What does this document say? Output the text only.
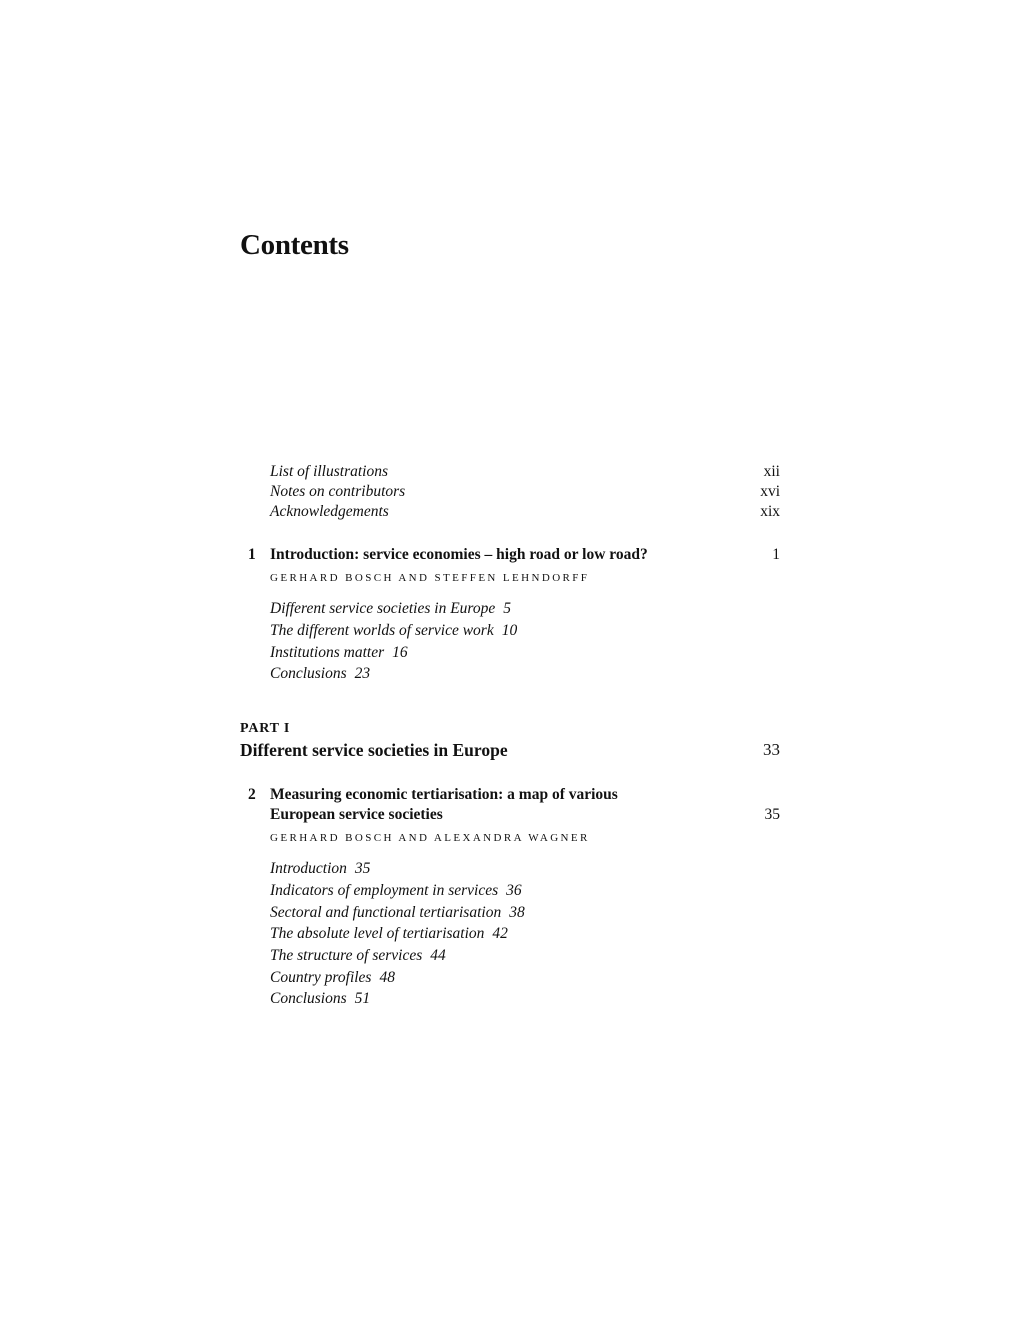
Contents
List of illustrations	xii
Notes on contributors	xvi
Acknowledgements	xix
1 Introduction: service economies – high road or low road?	1
GERHARD BOSCH AND STEFFEN LEHNDORFF
Different service societies in Europe 5
The different worlds of service work 10
Institutions matter 16
Conclusions 23
PART I
Different service societies in Europe	33
2 Measuring economic tertiarisation: a map of various
European service societies	35
GERHARD BOSCH AND ALEXANDRA WAGNER
Introduction 35
Indicators of employment in services 36
Sectoral and functional tertiarisation 38
The absolute level of tertiarisation 42
The structure of services 44
Country profiles 48
Conclusions 51
